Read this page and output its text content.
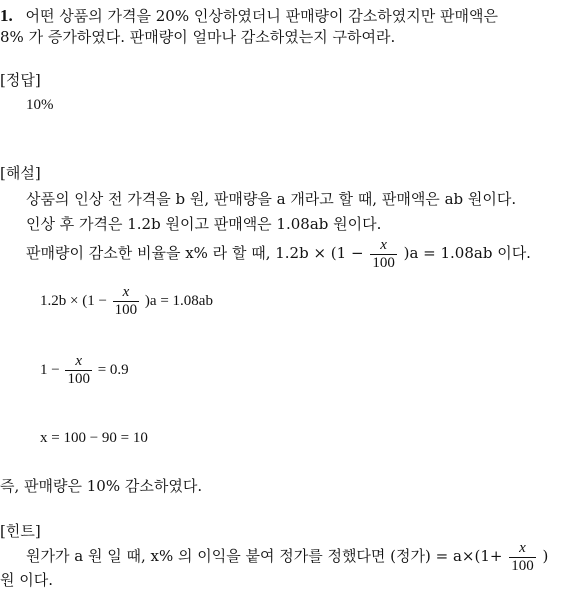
1. 어떤 상품의 가격을 20% 인상하였더니 판매량이 감소하였지만 판매액은
8% 가 증가하였다. 판매량이 얼마나 감소하였는지 구하여라.
[정답]
10%
[해설]
상품의 인상 전 가격을 b 원, 판매량을 a 개라고 할 때, 판매액은 ab 원이다.
인상 후 가격은 1.2b 원이고 판매액은 1.08ab 원이다.
판매량이 감소한 비율을 x% 라 할 때, $1.2b \times (1 - \frac{x}{100} )a = 1.08ab$ 이다.
$1.2b \times (1 - \frac{x}{100} )a = 1.08ab$
$1 - \frac{x}{100} = 0.9$
x = 100 − 90 = 10
즉, 판매량은 10% 감소하였다.
[힌트]
원가가 a 원 일 때, x% 의 이익을 붙여 정가를 정했다면 (정가) = $a\times(1+ \frac{x}{100}$ )
원 이다.
